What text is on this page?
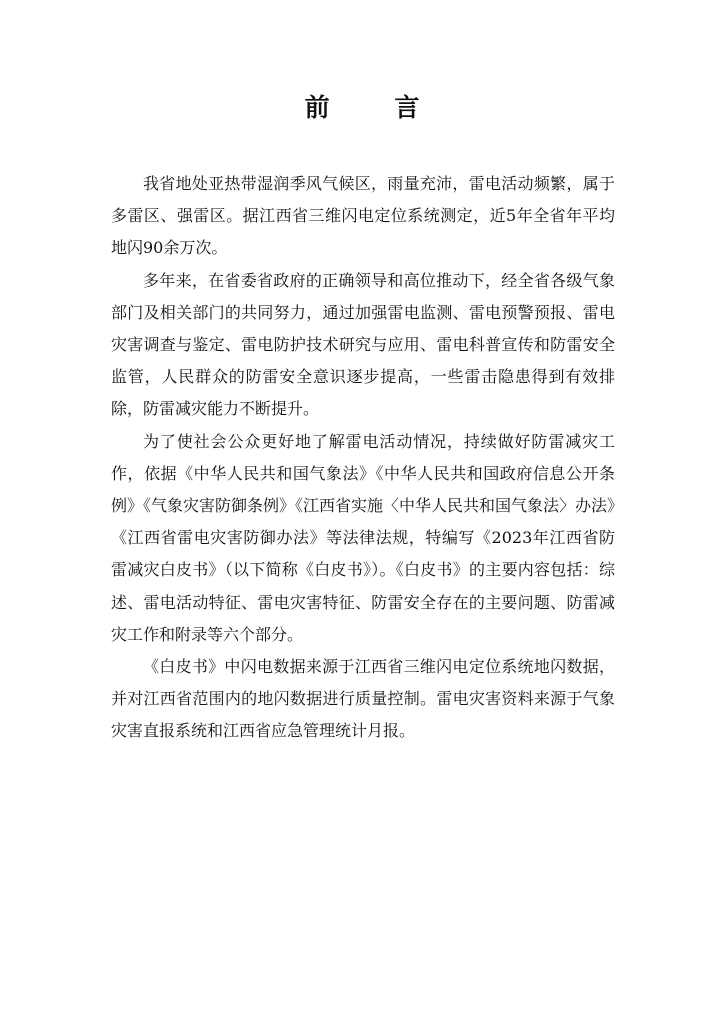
前 言

我省地处亚热带湿润季风气候区，雨量充沛，雷电活动频繁，属于多雷区、强雷区。据江西省三维闪电定位系统测定，近5年全省年平均地闪90余万次。

多年来，在省委省政府的正确领导和高位推动下，经全省各级气象部门及相关部门的共同努力，通过加强雷电监测、雷电预警预报、雷电灾害调查与鉴定、雷电防护技术研究与应用、雷电科普宣传和防雷安全监管，人民群众的防雷安全意识逐步提高，一些雷击隐患得到有效排除，防雷减灾能力不断提升。

为了使社会公众更好地了解雷电活动情况，持续做好防雷减灾工作，依据《中华人民共和国气象法》《中华人民共和国政府信息公开条例》《气象灾害防御条例》《江西省实施〈中华人民共和国气象法〉办法》《江西省雷电灾害防御办法》等法律法规，特编写《2023年江西省防雷减灾白皮书》（以下简称《白皮书》）。《白皮书》的主要内容包括：综述、雷电活动特征、雷电灾害特征、防雷安全存在的主要问题、防雷减灾工作和附录等六个部分。

《白皮书》中闪电数据来源于江西省三维闪电定位系统地闪数据，并对江西省范围内的地闪数据进行质量控制。雷电灾害资料来源于气象灾害直报系统和江西省应急管理统计月报。
